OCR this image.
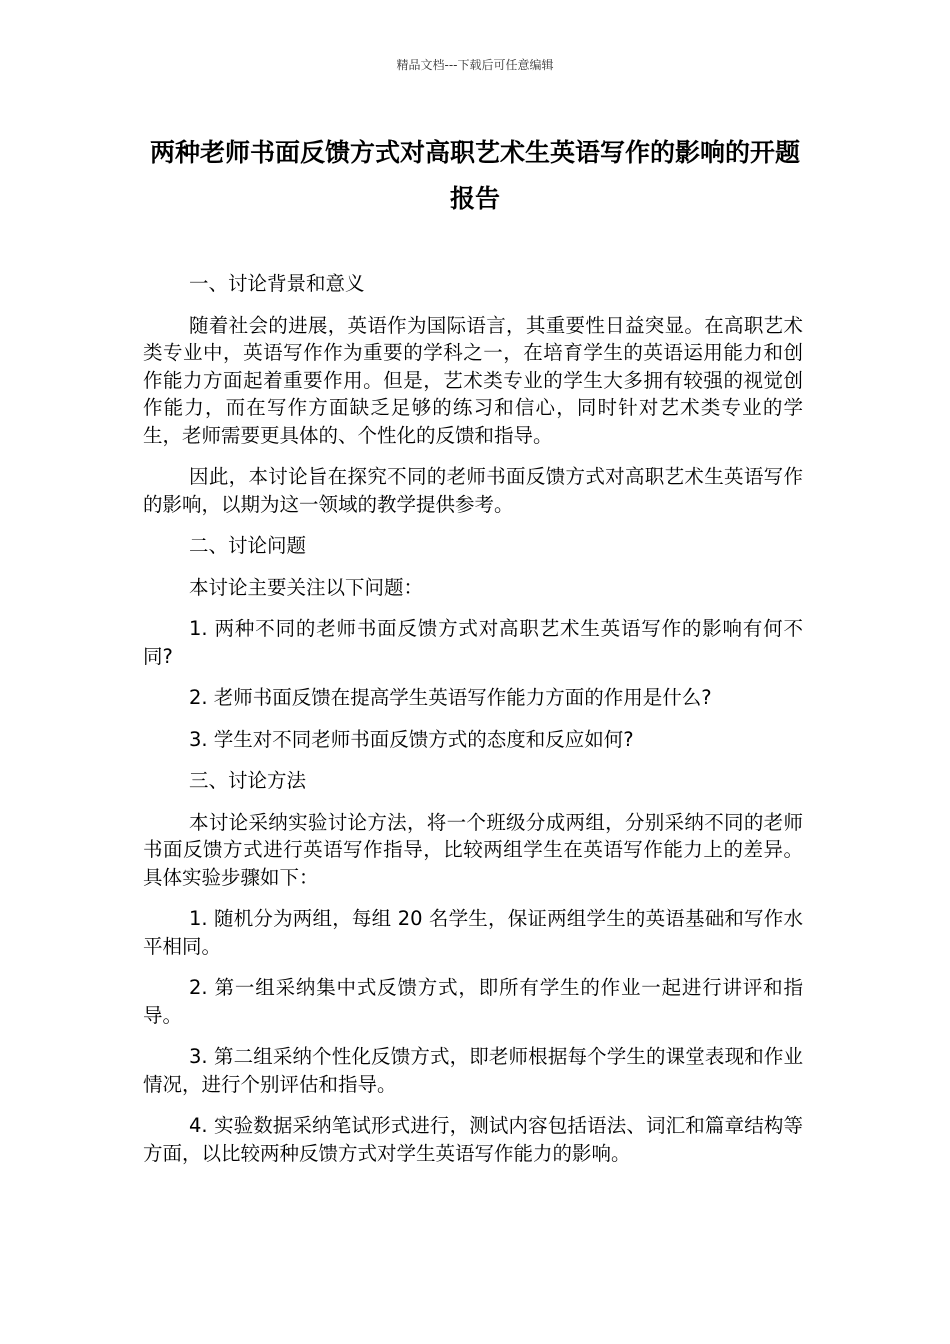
精品文档---下载后可任意编辑
两种老师书面反馈方式对高职艺术生英语写作的影响的开题报告

一、讨论背景和意义

随着社会的进展，英语作为国际语言，其重要性日益突显。在高职艺术类专业中，英语写作作为重要的学科之一，在培育学生的英语运用能力和创作能力方面起着重要作用。但是，艺术类专业的学生大多拥有较强的视觉创作能力，而在写作方面缺乏足够的练习和信心，同时针对艺术类专业的学生，老师需要更具体的、个性化的反馈和指导。

因此，本讨论旨在探究不同的老师书面反馈方式对高职艺术生英语写作的影响，以期为这一领域的教学提供参考。

二、讨论问题

本讨论主要关注以下问题：

1. 两种不同的老师书面反馈方式对高职艺术生英语写作的影响有何不同?

2. 老师书面反馈在提高学生英语写作能力方面的作用是什么?

3. 学生对不同老师书面反馈方式的态度和反应如何?

三、讨论方法

本讨论采纳实验讨论方法，将一个班级分成两组，分别采纳不同的老师书面反馈方式进行英语写作指导，比较两组学生在英语写作能力上的差异。具体实验步骤如下：

1. 随机分为两组，每组 20 名学生，保证两组学生的英语基础和写作水平相同。

2. 第一组采纳集中式反馈方式，即所有学生的作业一起进行讲评和指导。

3. 第二组采纳个性化反馈方式，即老师根据每个学生的课堂表现和作业情况，进行个别评估和指导。

4. 实验数据采纳笔试形式进行，测试内容包括语法、词汇和篇章结构等方面，以比较两种反馈方式对学生英语写作能力的影响。
